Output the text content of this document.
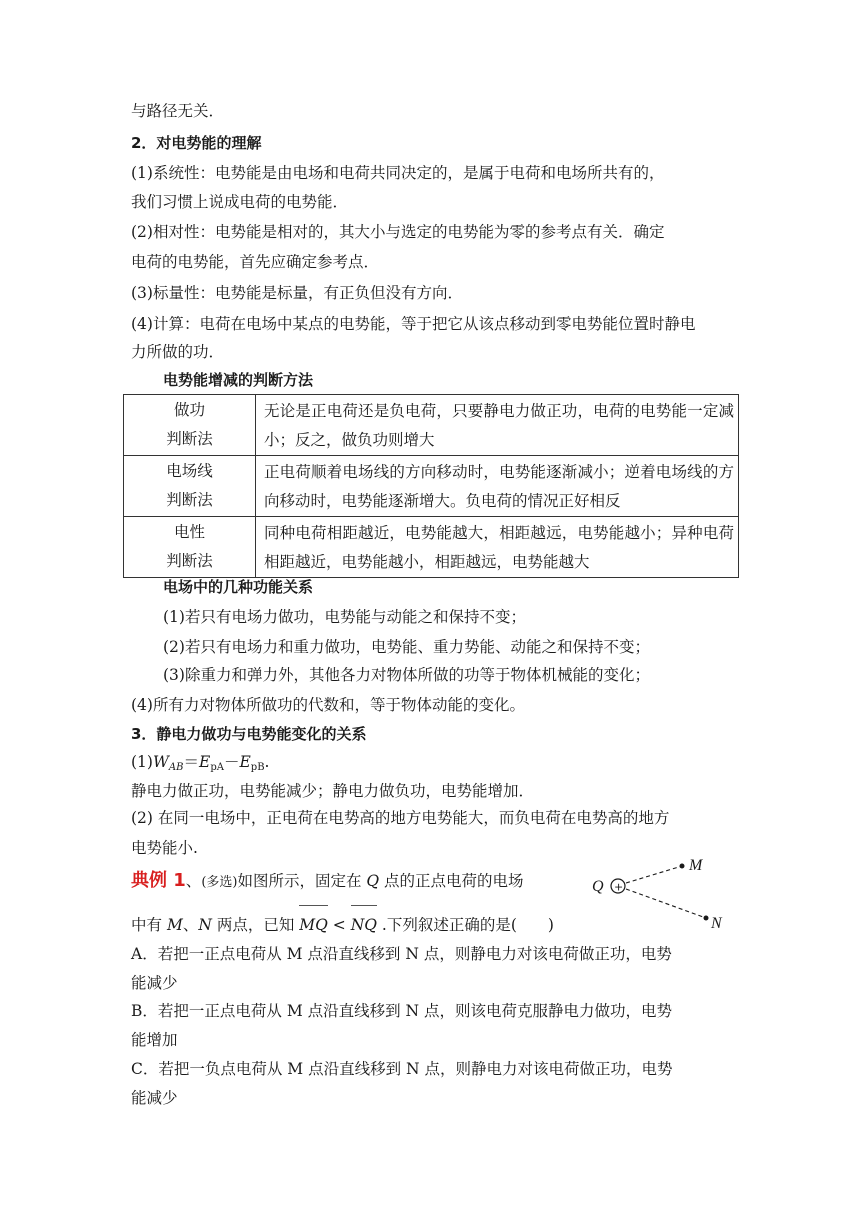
与路径无关．
2．对电势能的理解
(1)系统性：电势能是由电场和电荷共同决定的，是属于电荷和电场所共有的，
我们习惯上说成电荷的电势能．
(2)相对性：电势能是相对的，其大小与选定的电势能为零的参考点有关．确定
电荷的电势能，首先应确定参考点．
(3)标量性：电势能是标量，有正负但没有方向．
(4)计算：电荷在电场中某点的电势能，等于把它从该点移动到零电势能位置时静电
力所做的功．
电势能增减的判断方法
做功
判断法	无论是正电荷还是负电荷，只要静电力做正功，电荷的电势能一定减小；反之，做负功则增大
电场线
判断法	正电荷顺着电场线的方向移动时，电势能逐渐减小；逆着电场线的方向移动时，电势能逐渐增大。负电荷的情况正好相反
电性
判断法	同种电荷相距越近，电势能越大，相距越远，电势能越小；异种电荷相距越近，电势能越小，相距越远，电势能越大
电场中的几种功能关系
(1)若只有电场力做功，电势能与动能之和保持不变；
(2)若只有电场力和重力做功，电势能、重力势能、动能之和保持不变；
(3)除重力和弹力外，其他各力对物体所做的功等于物体机械能的变化；
(4)所有力对物体所做功的代数和，等于物体动能的变化。
3．静电力做功与电势能变化的关系
$(1)W_{AB}=E_{pA}-E_{pB}$.
静电力做正功，电势能减少；静电力做负功，电势能增加．
(2) 在同一电场中，正电荷在电势高的地方电势能大，而负电荷在电势高的地方
电势能小.
典例 1、(多选)如图所示，固定在 Q 点的正点电荷的电场
中有 M、N 两点，已知 MQ < NQ .下列叙述正确的是(　　)
Q +
M
N
A．若把一正点电荷从 M 点沿直线移到 N 点，则静电力对该电荷做正功，电势
能减少
B．若把一正点电荷从 M 点沿直线移到 N 点，则该电荷克服静电力做功，电势
能增加
C．若把一负点电荷从 M 点沿直线移到 N 点，则静电力对该电荷做正功，电势
能减少
